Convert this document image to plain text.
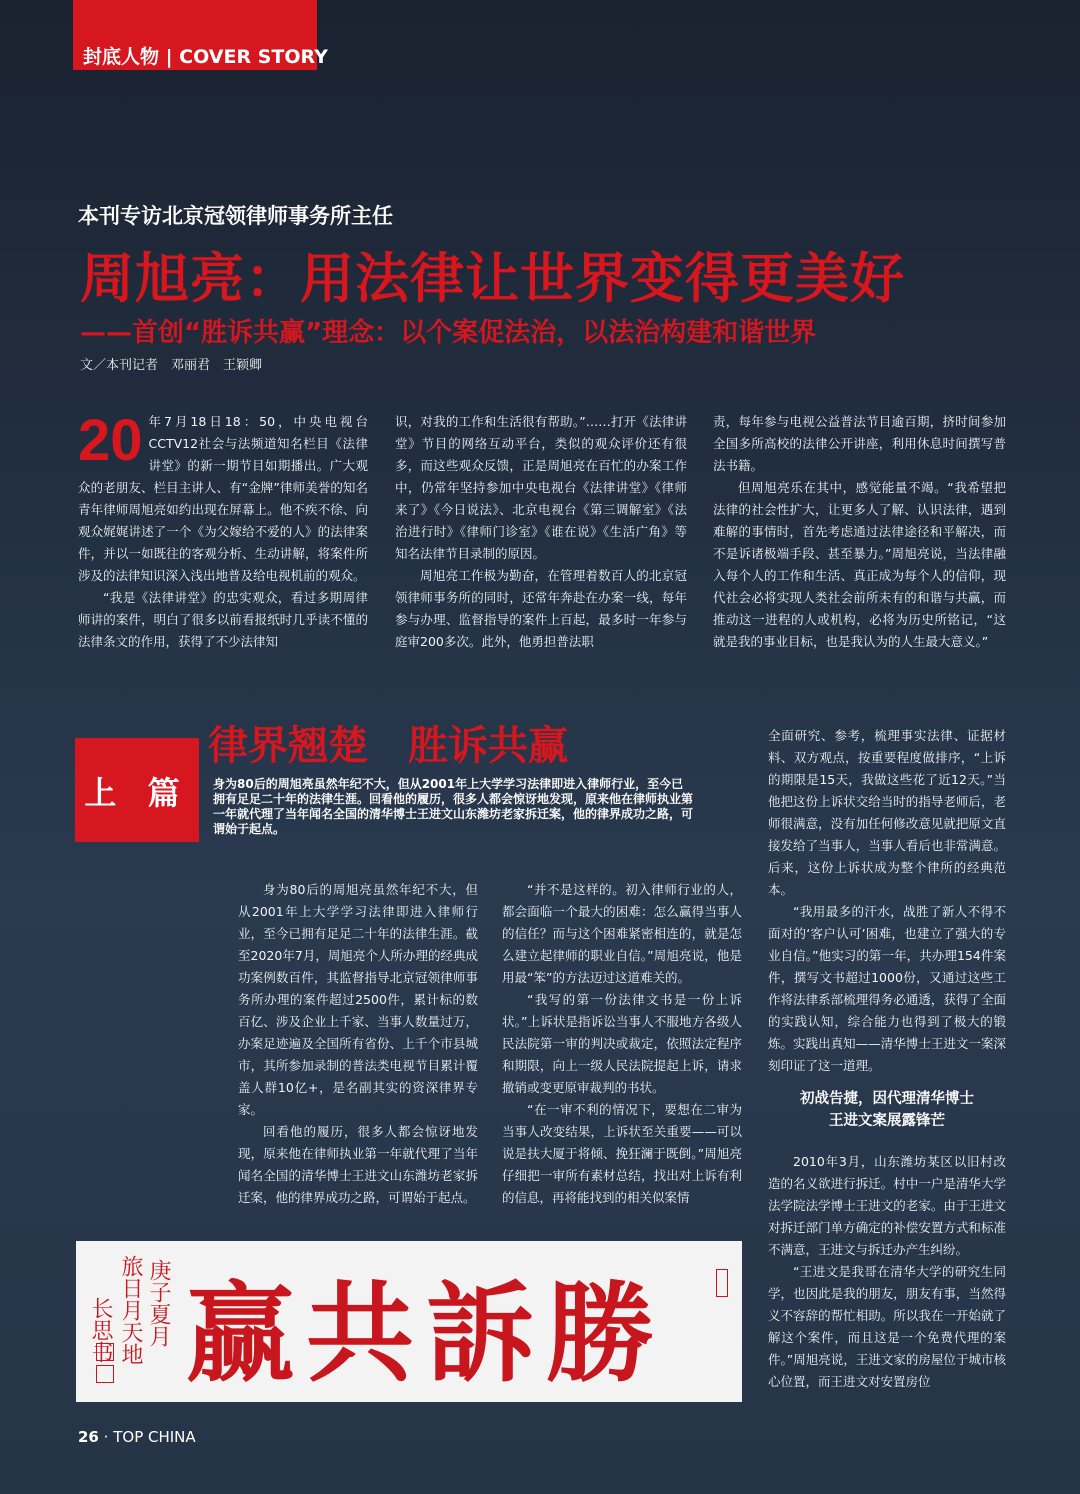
封底人物 | COVER STORY
本刊专访北京冠领律师事务所主任
周旭亮：用法律让世界变得更美好
——首创“胜诉共赢”理念：以个案促法治，以法治构建和谐世界
文／本刊记者　邓丽君　王颖卿

20 年7月18日18：50，中央电视台CCTV12社会与法频道知名栏目《法律讲堂》的新一期节目如期播出。广大观众的老朋友、栏目主讲人、有“金牌”律师美誉的知名青年律师周旭亮如约出现在屏幕上。他不疾不徐、向观众娓娓讲述了一个《为父嫁给不爱的人》的法律案件，并以一如既往的客观分析、生动讲解，将案件所涉及的法律知识深入浅出地普及给电视机前的观众。

“我是《法律讲堂》的忠实观众，看过多期周律师讲的案件，明白了很多以前看报纸时几乎读不懂的法律条文的作用，获得了不少法律知

识，对我的工作和生活很有帮助。”……打开《法律讲堂》节目的网络互动平台，类似的观众评价还有很多，而这些观众反馈，正是周旭亮在百忙的办案工作中，仍常年坚持参加中央电视台《法律讲堂》《律师来了》《今日说法》、北京电视台《第三调解室》《法治进行时》《律师门诊室》《谁在说》《生活广角》等知名法律节目录制的原因。

周旭亮工作极为勤奋，在管理着数百人的北京冠领律师事务所的同时，还常年奔赴在办案一线，每年参与办理、监督指导的案件上百起，最多时一年参与庭审200多次。此外，他勇担普法职

责，每年参与电视公益普法节目逾百期，挤时间参加全国多所高校的法律公开讲座，利用休息时间撰写普法书籍。

但周旭亮乐在其中，感觉能量不竭。“我希望把法律的社会性扩大，让更多人了解、认识法律，遇到难解的事情时，首先考虑通过法律途径和平解决，而不是诉诸极端手段、甚至暴力。”周旭亮说，当法律融入每个人的工作和生活、真正成为每个人的信仰，现代社会必将实现人类社会前所未有的和谐与共赢，而推动这一进程的人或机构，必将为历史所铭记，“这就是我的事业目标，也是我认为的人生最大意义。”

上 篇
律界翘楚　胜诉共赢
身为80后的周旭亮虽然年纪不大，但从2001年上大学学习法律即进入律师行业，至今已拥有足足二十年的法律生涯。回看他的履历，很多人都会惊讶地发现，原来他在律师执业第一年就代理了当年闻名全国的清华博士王进文山东潍坊老家拆迁案，他的律界成功之路，可谓始于起点。

身为80后的周旭亮虽然年纪不大，但从2001年上大学学习法律即进入律师行业，至今已拥有足足二十年的法律生涯。截至2020年7月，周旭亮个人所办理的经典成功案例数百件，其监督指导北京冠领律师事务所办理的案件超过2500件，累计标的数百亿、涉及企业上千家、当事人数量过万，办案足迹遍及全国所有省份、上千个市县城市，其所参加录制的普法类电视节目累计覆盖人群10亿+，是名副其实的资深律界专家。

回看他的履历，很多人都会惊讶地发现，原来他在律师执业第一年就代理了当年闻名全国的清华博士王进文山东潍坊老家拆迁案，他的律界成功之路，可谓始于起点。

“并不是这样的。初入律师行业的人，都会面临一个最大的困难：怎么赢得当事人的信任？而与这个困难紧密相连的，就是怎么建立起律师的职业自信。”周旭亮说，他是用最“笨”的方法迈过这道难关的。

“我写的第一份法律文书是一份上诉状。”上诉状是指诉讼当事人不服地方各级人民法院第一审的判决或裁定，依照法定程序和期限，向上一级人民法院提起上诉，请求撤销或变更原审裁判的书状。

“在一审不利的情况下，要想在二审为当事人改变结果，上诉状至关重要——可以说是扶大厦于将倾、挽狂澜于既倒。”周旭亮仔细把一审所有素材总结，找出对上诉有利的信息，再将能找到的相关似案情

全面研究、参考，梳理事实法律、证据材料、双方观点，按重要程度做排序，“上诉的期限是15天，我做这些花了近12天。”当他把这份上诉状交给当时的指导老师后，老师很满意，没有加任何修改意见就把原文直接发给了当事人，当事人看后也非常满意。后来，这份上诉状成为整个律所的经典范本。

“我用最多的汗水，战胜了新人不得不面对的‘客户认可’困难，也建立了强大的专业自信。”他实习的第一年，共办理154件案件，撰写文书超过1000份，又通过这些工作将法律系部梳理得务必通透，获得了全面的实践认知，综合能力也得到了极大的锻炼。实践出真知——清华博士王进文一案深刻印证了这一道理。

初战告捷，因代理清华博士
王进文案展露锋芒

2010年3月，山东潍坊某区以旧村改造的名义欲进行拆迁。村中一户是清华大学法学院法学博士王进文的老家。由于王进文对拆迁部门单方确定的补偿安置方式和标准不满意，王进文与拆迁办产生纠纷。

“王进文是我哥在清华大学的研究生同学，也因此是我的朋友，朋友有事，当然得义不容辞的帮忙相助。所以我在一开始就了解这个案件，而且这是一个免费代理的案件。”周旭亮说，王进文家的房屋位于城市核心位置，而王进文对安置房位

长思书 旅日月天地 庚子夏月 赢共訴勝
26 · TOP CHINA
